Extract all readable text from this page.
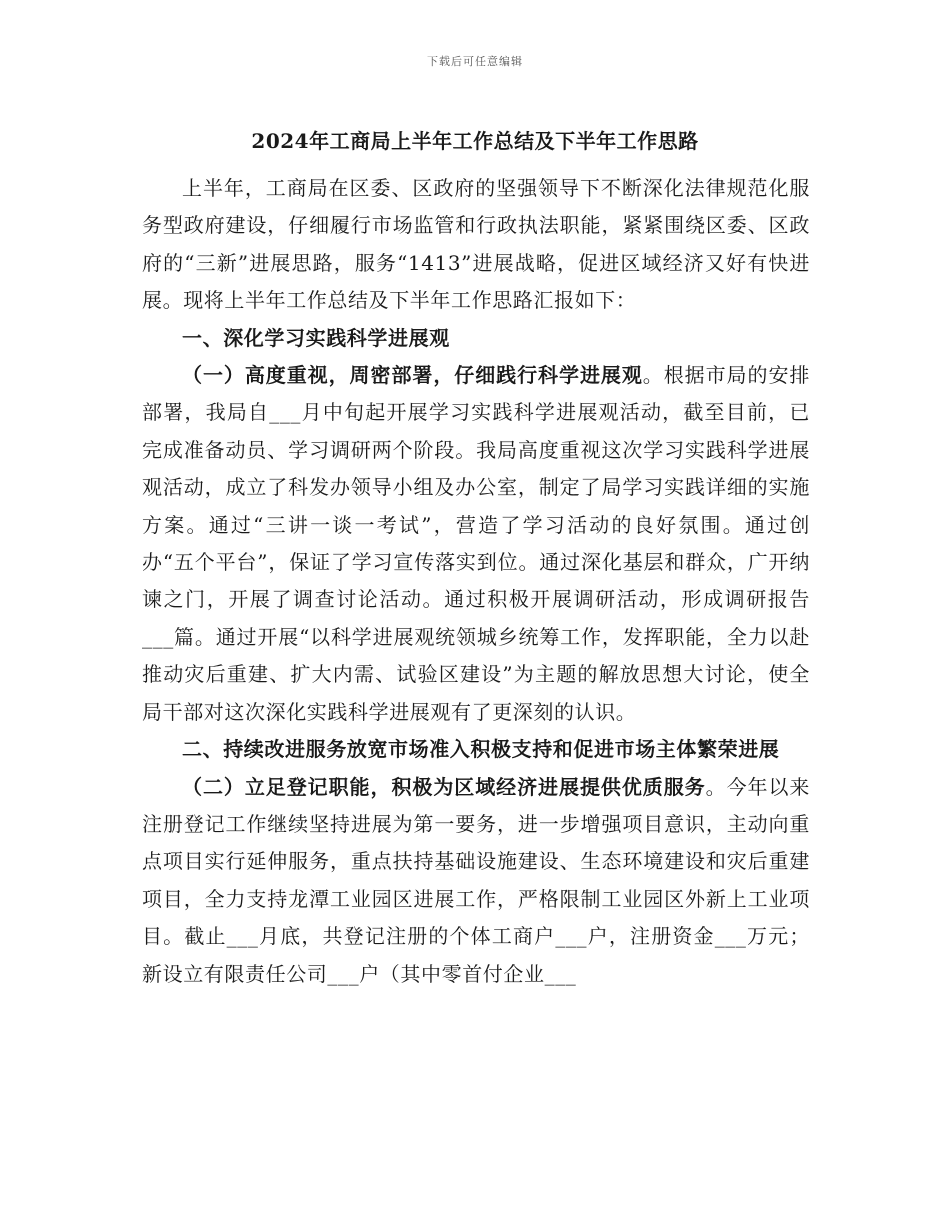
下载后可任意编辑
2024年工商局上半年工作总结及下半年工作思路

上半年，工商局在区委、区政府的坚强领导下不断深化法律规范化服务型政府建设，仔细履行市场监管和行政执法职能，紧紧围绕区委、区政府的“三新”进展思路，服务“1413”进展战略，促进区域经济又好有快进展。现将上半年工作总结及下半年工作思路汇报如下：

一、深化学习实践科学进展观

（一）高度重视，周密部署，仔细践行科学进展观。根据市局的安排部署，我局自___月中旬起开展学习实践科学进展观活动，截至目前，已完成准备动员、学习调研两个阶段。我局高度重视这次学习实践科学进展观活动，成立了科发办领导小组及办公室，制定了局学习实践详细的实施方案。通过“三讲一谈一考试”，营造了学习活动的良好氛围。通过创办“五个平台”，保证了学习宣传落实到位。通过深化基层和群众，广开纳谏之门，开展了调查讨论活动。通过积极开展调研活动，形成调研报告___篇。通过开展“以科学进展观统领城乡统筹工作，发挥职能，全力以赴推动灾后重建、扩大内需、试验区建设”为主题的解放思想大讨论，使全局干部对这次深化实践科学进展观有了更深刻的认识。

二、持续改进服务放宽市场准入积极支持和促进市场主体繁荣进展

（二）立足登记职能，积极为区域经济进展提供优质服务。今年以来注册登记工作继续坚持进展为第一要务，进一步增强项目意识，主动向重点项目实行延伸服务，重点扶持基础设施建设、生态环境建设和灾后重建项目，全力支持龙潭工业园区进展工作，严格限制工业园区外新上工业项目。截止___月底，共登记注册的个体工商户___户，注册资金___万元；新设立有限责任公司___户（其中零首付企业___
